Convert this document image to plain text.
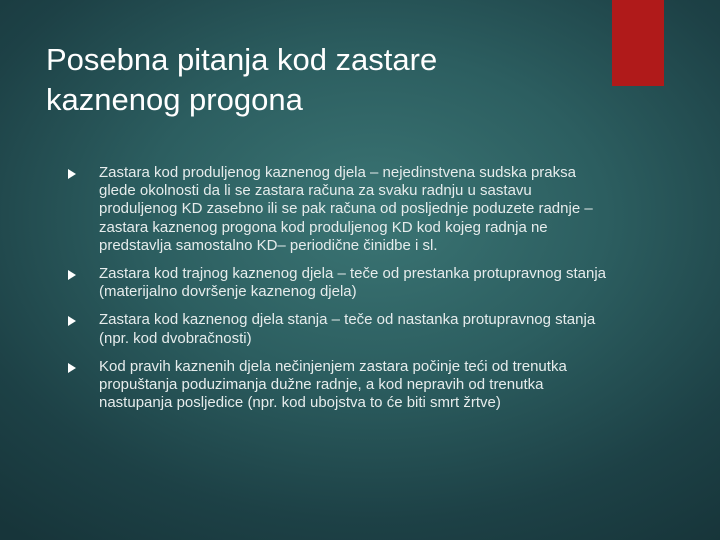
Posebna pitanja kod zastare
kaznenog progona
Zastara kod produljenog kaznenog djela – nejedinstvena sudska praksa glede okolnosti da li se zastara računa za svaku radnju u sastavu produljenog KD zasebno ili se pak računa od posljednje poduzete radnje – zastara kaznenog progona kod produljenog KD kod kojeg radnja ne predstavlja samostalno KD– periodične činidbe i sl.
Zastara kod trajnog kaznenog djela – teče od prestanka protupravnog stanja (materijalno dovršenje kaznenog djela)
Zastara kod kaznenog djela stanja – teče od nastanka protupravnog stanja (npr. kod dvobračnosti)
Kod pravih kaznenih djela nečinjenjem zastara počinje teći od trenutka propuštanja poduzimanja dužne radnje, a kod nepravih od trenutka nastupanja posljedice (npr. kod ubojstva to će biti smrt žrtve)
